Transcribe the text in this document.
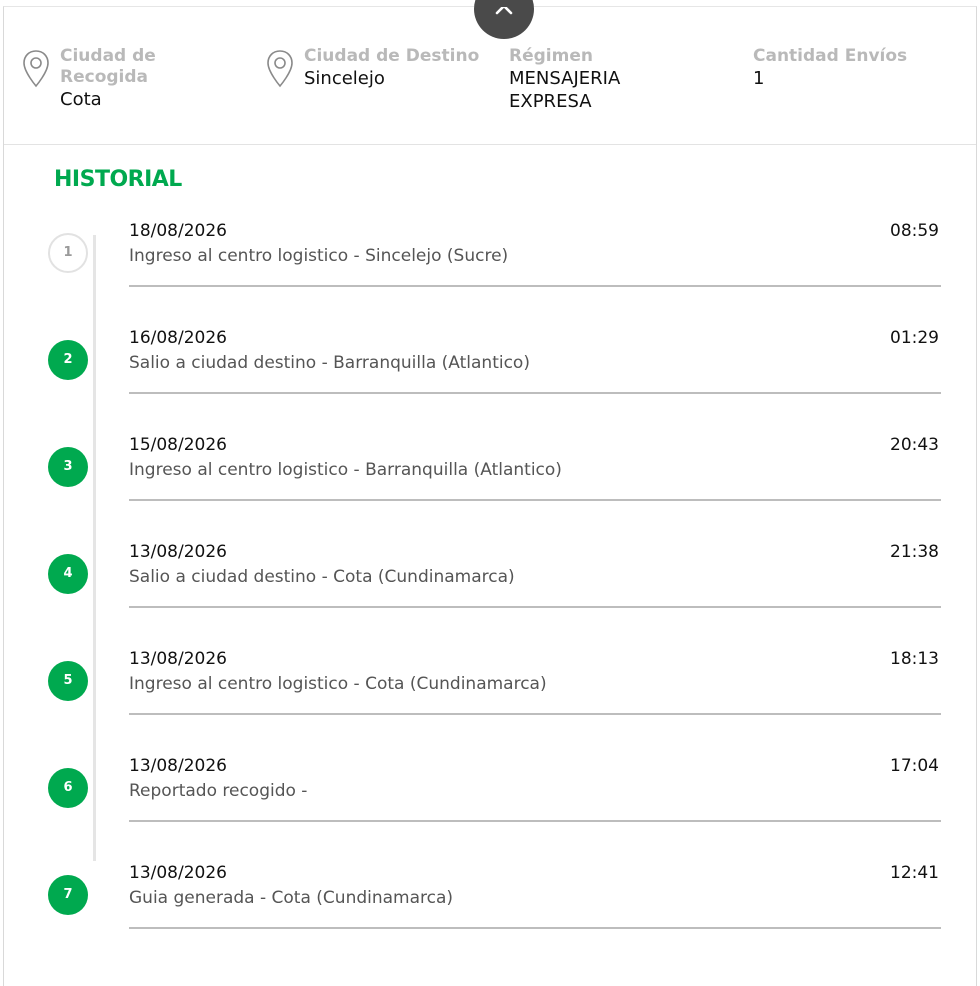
Ciudad de
Recogida
Cota
Ciudad de Destino
Sincelejo
Régimen
MENSAJERIA
EXPRESA
Cantidad Envíos
1
HISTORIAL
1
18/08/2026	08:59
Ingreso al centro logistico - Sincelejo (Sucre)
2
16/08/2026	01:29
Salio a ciudad destino - Barranquilla (Atlantico)
3
15/08/2026	20:43
Ingreso al centro logistico - Barranquilla (Atlantico)
4
13/08/2026	21:38
Salio a ciudad destino - Cota (Cundinamarca)
5
13/08/2026	18:13
Ingreso al centro logistico - Cota (Cundinamarca)
6
13/08/2026	17:04
Reportado recogido -
7
13/08/2026	12:41
Guia generada - Cota (Cundinamarca)
